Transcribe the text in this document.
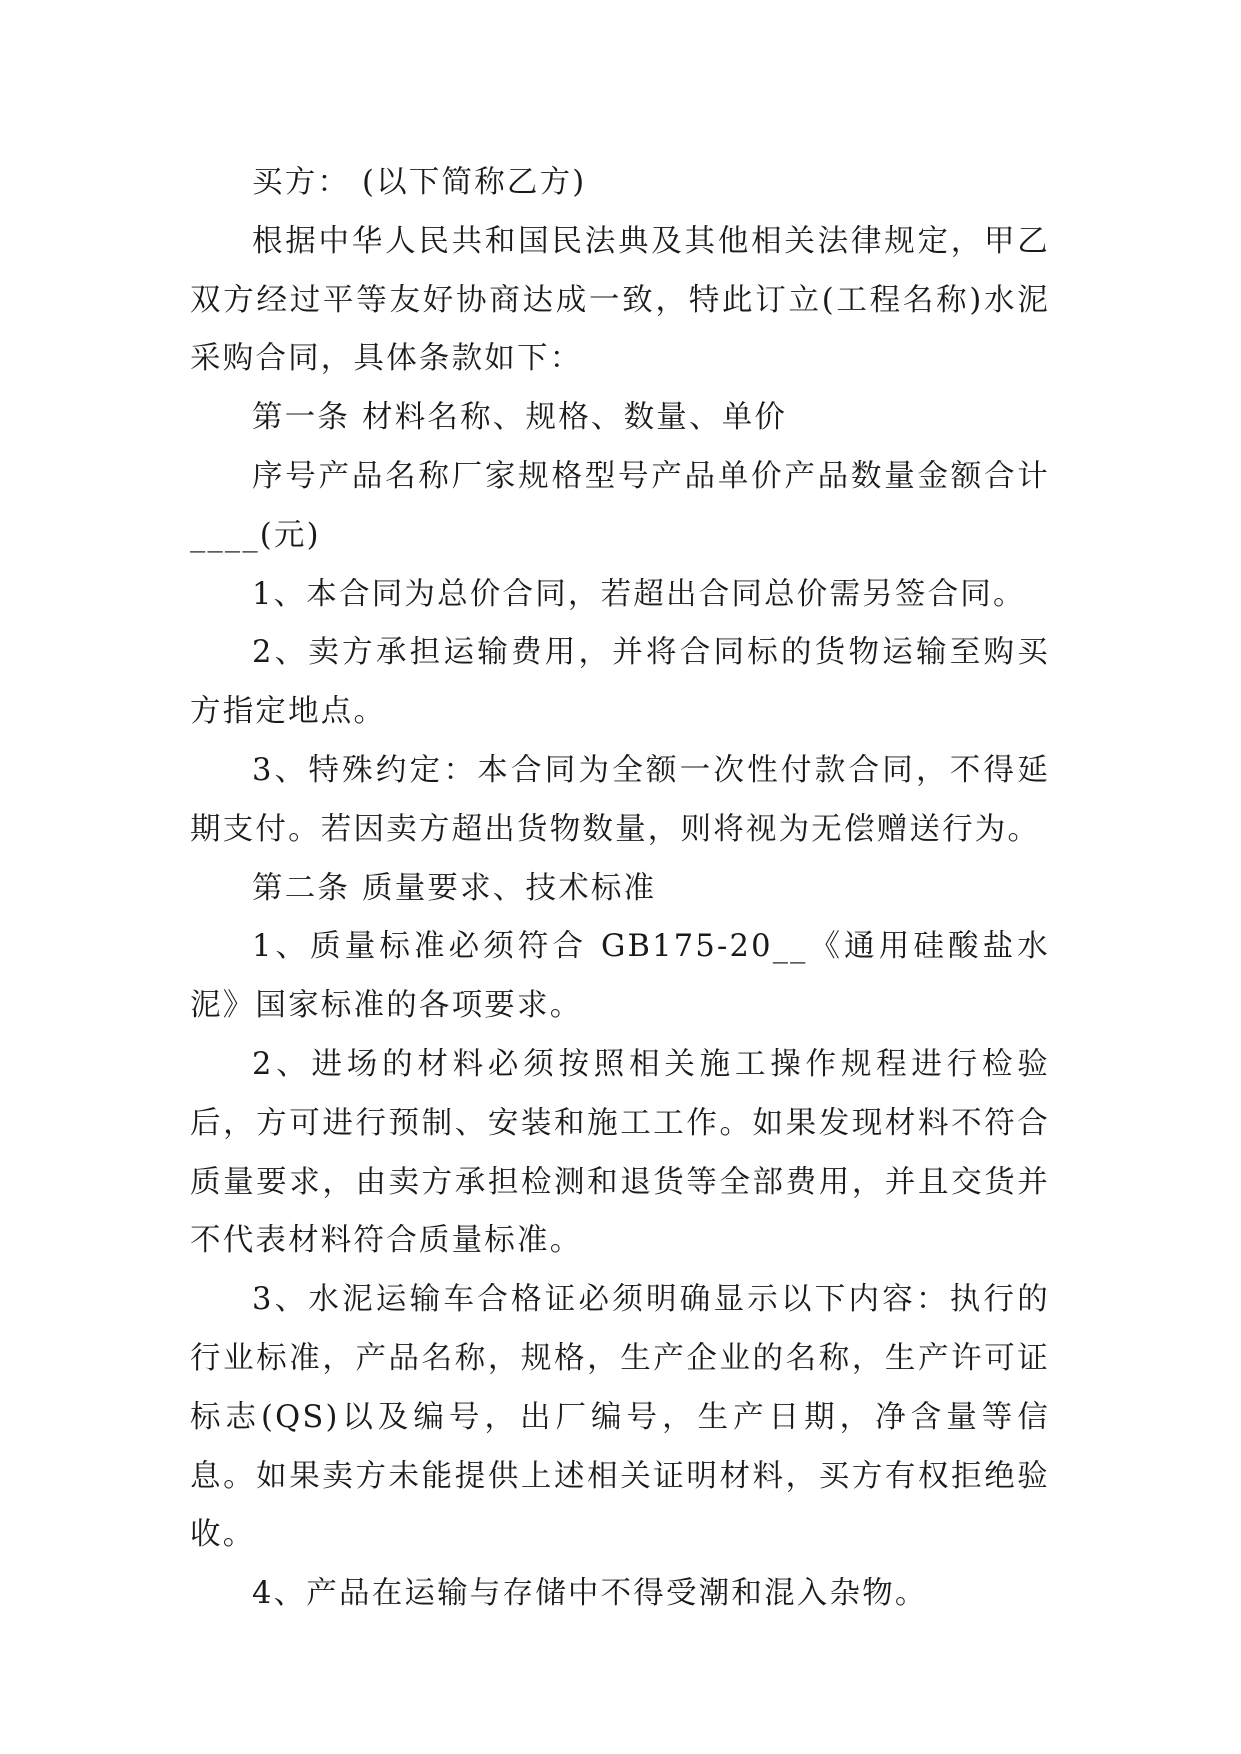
买方： (以下简称乙方)

根据中华人民共和国民法典及其他相关法律规定，甲乙双方经过平等友好协商达成一致，特此订立(工程名称)水泥采购合同，具体条款如下：

第一条 材料名称、规格、数量、单价

序号产品名称厂家规格型号产品单价产品数量金额合计____(元)

1、本合同为总价合同，若超出合同总价需另签合同。

2、卖方承担运输费用，并将合同标的货物运输至购买方指定地点。

3、特殊约定：本合同为全额一次性付款合同，不得延期支付。若因卖方超出货物数量，则将视为无偿赠送行为。

第二条 质量要求、技术标准

1、质量标准必须符合 GB175-20__《通用硅酸盐水泥》国家标准的各项要求。

2、进场的材料必须按照相关施工操作规程进行检验后，方可进行预制、安装和施工工作。如果发现材料不符合质量要求，由卖方承担检测和退货等全部费用，并且交货并不代表材料符合质量标准。

3、水泥运输车合格证必须明确显示以下内容：执行的行业标准，产品名称，规格，生产企业的名称，生产许可证标志(QS)以及编号，出厂编号，生产日期，净含量等信息。如果卖方未能提供上述相关证明材料，买方有权拒绝验收。

4、产品在运输与存储中不得受潮和混入杂物。
